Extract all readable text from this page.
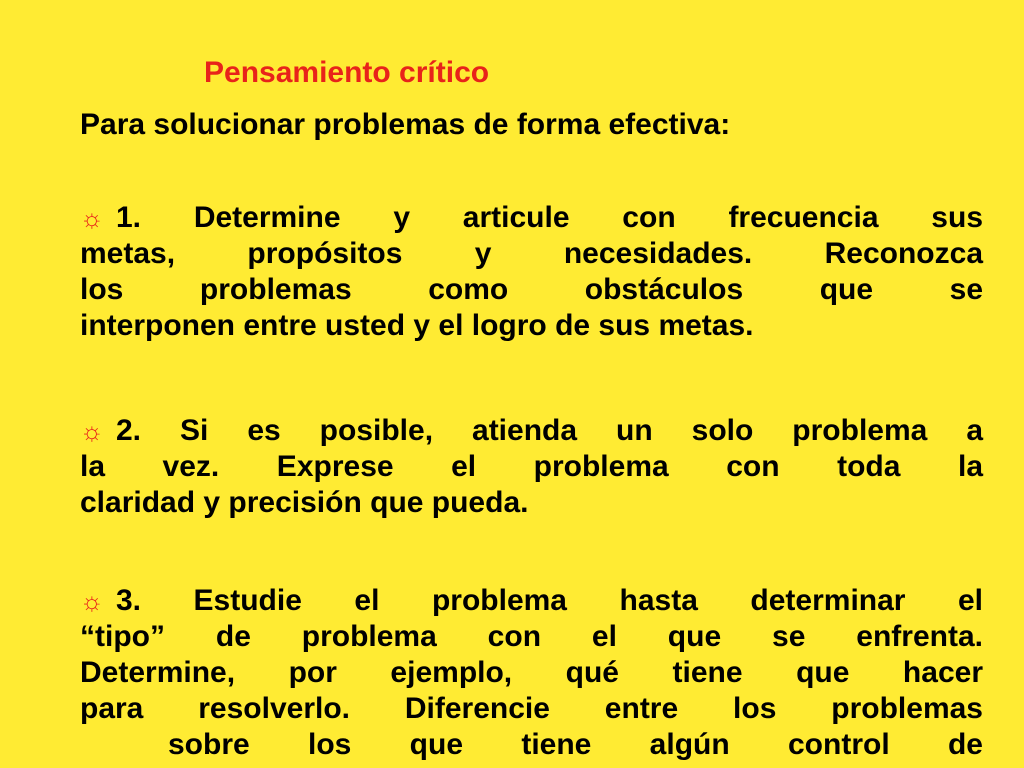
Pensamiento crítico
Para solucionar problemas de forma efectiva:
☼ 1. Determine y articule con frecuencia sus
metas, propósitos y necesidades. Reconozca
los problemas como obstáculos que se
interponen entre usted y el logro de sus metas.
☼ 2. Si es posible, atienda un solo problema a
la vez. Exprese el problema con toda la
claridad y precisión que pueda.
☼ 3. Estudie el problema hasta determinar el
“tipo” de problema con el que se enfrenta.
Determine, por ejemplo, qué tiene que hacer
para resolverlo. Diferencie entre los problemas
sobre los que tiene algún control de
